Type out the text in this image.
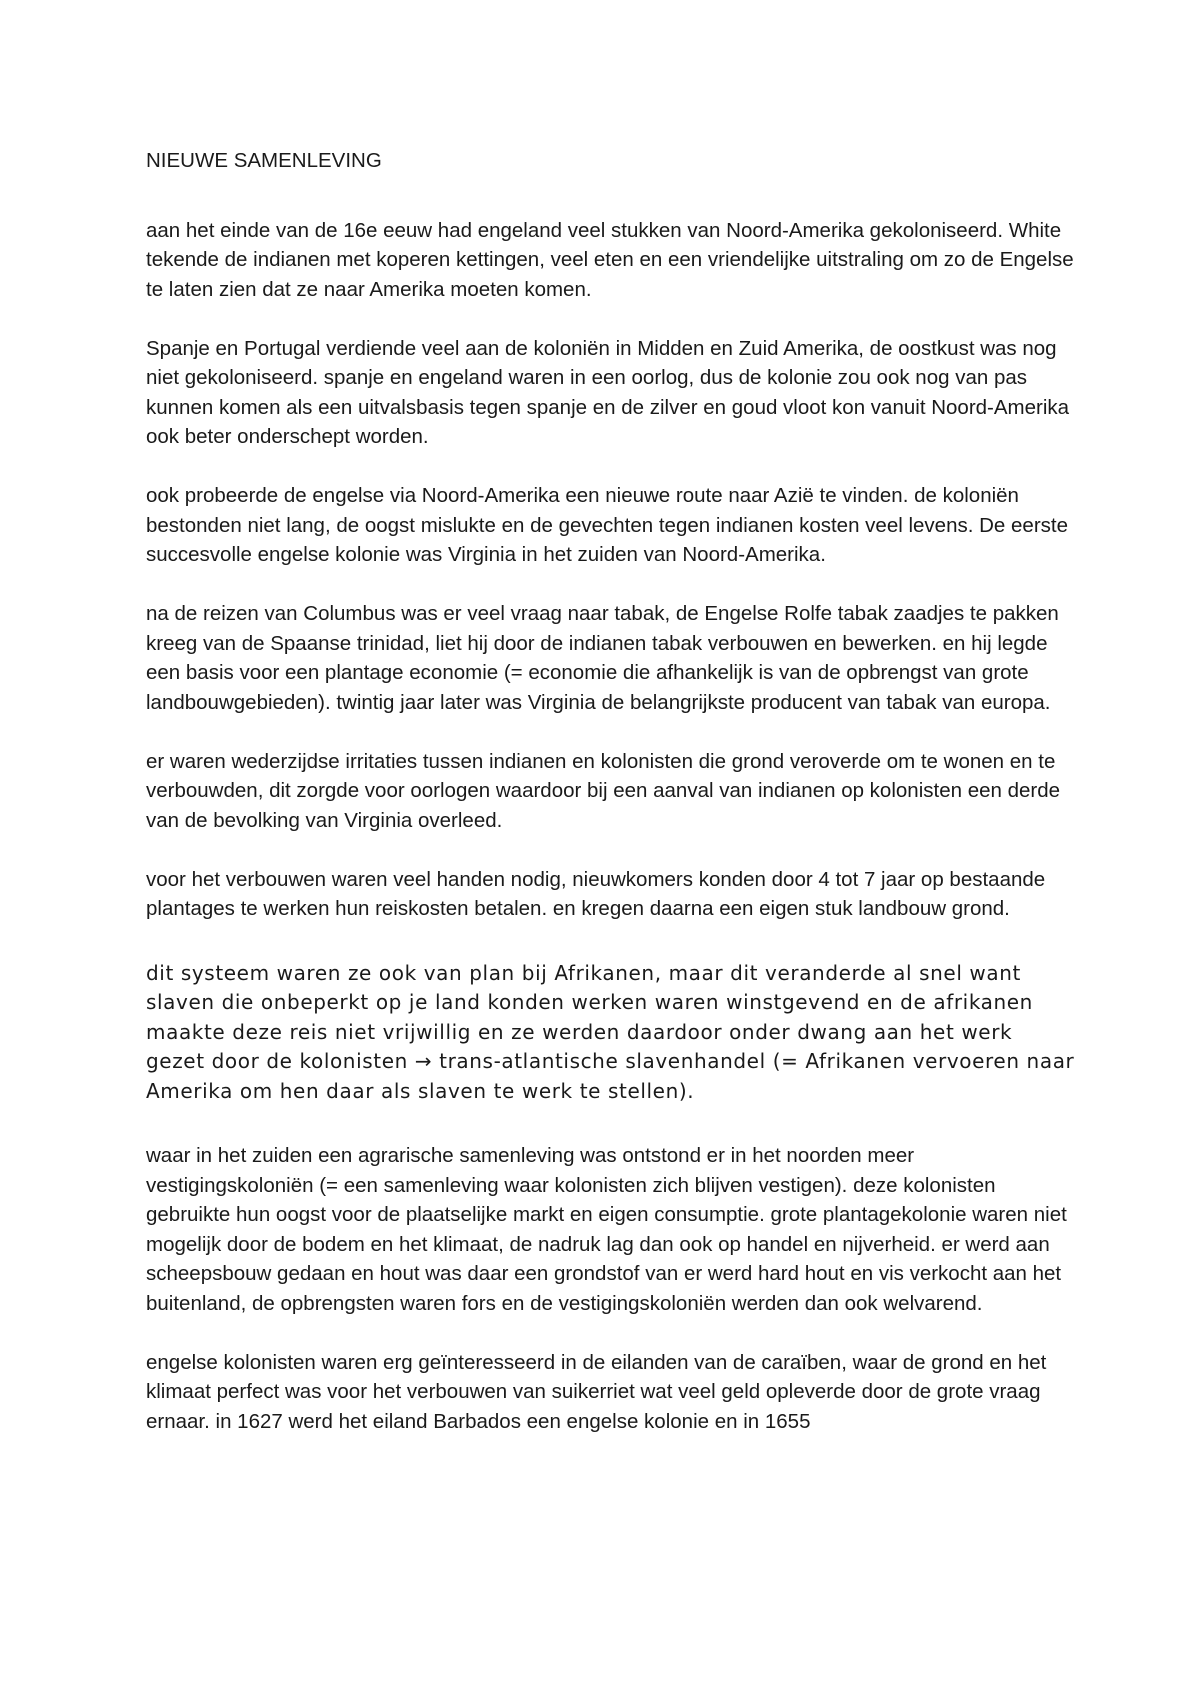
NIEUWE SAMENLEVING

aan het einde van de 16e eeuw had engeland veel stukken van Noord-Amerika gekoloniseerd. White tekende de indianen met koperen kettingen, veel eten en een vriendelijke uitstraling om zo de Engelse te laten zien dat ze naar Amerika moeten komen.

Spanje en Portugal verdiende veel aan de koloniën in Midden en Zuid Amerika, de oostkust was nog niet gekoloniseerd. spanje en engeland waren in een oorlog, dus de kolonie zou ook nog van pas kunnen komen als een uitvalsbasis tegen spanje en de zilver en goud vloot kon vanuit Noord-Amerika ook beter onderschept worden.

ook probeerde de engelse via Noord-Amerika een nieuwe route naar Azië te vinden. de koloniën bestonden niet lang, de oogst mislukte en de gevechten tegen indianen kosten veel levens. De eerste succesvolle engelse kolonie was Virginia in het zuiden van Noord-Amerika.

na de reizen van Columbus was er veel vraag naar tabak, de Engelse Rolfe tabak zaadjes te pakken kreeg van de Spaanse trinidad, liet hij door de indianen tabak verbouwen en bewerken. en hij legde een basis voor een plantage economie (= economie die afhankelijk is van de opbrengst van grote landbouwgebieden). twintig jaar later was Virginia de belangrijkste producent van tabak van europa.

er waren wederzijdse irritaties tussen indianen en kolonisten die grond veroverde om te wonen en te verbouwden, dit zorgde voor oorlogen waardoor bij een aanval van indianen op kolonisten een derde van de bevolking van Virginia overleed.

voor het verbouwen waren veel handen nodig, nieuwkomers konden door 4 tot 7 jaar op bestaande plantages te werken hun reiskosten betalen. en kregen daarna een eigen stuk landbouw grond.

dit systeem waren ze ook van plan bij Afrikanen, maar dit veranderde al snel want slaven die onbeperkt op je land konden werken waren winstgevend en de afrikanen maakte deze reis niet vrijwillig en ze werden daardoor onder dwang aan het werk gezet door de kolonisten → trans-atlantische slavenhandel (= Afrikanen vervoeren naar Amerika om hen daar als slaven te werk te stellen).

waar in het zuiden een agrarische samenleving was ontstond er in het noorden meer vestigingskoloniën (= een samenleving waar kolonisten zich blijven vestigen). deze kolonisten gebruikte hun oogst voor de plaatselijke markt en eigen consumptie. grote plantagekolonie waren niet mogelijk door de bodem en het klimaat, de nadruk lag dan ook op handel en nijverheid. er werd aan scheepsbouw gedaan en hout was daar een grondstof van er werd hard hout en vis verkocht aan het buitenland, de opbrengsten waren fors en de vestigingskoloniën werden dan ook welvarend.

engelse kolonisten waren erg geïnteresseerd in de eilanden van de caraïben, waar de grond en het klimaat perfect was voor het verbouwen van suikerriet wat veel geld opleverde door de grote vraag ernaar. in 1627 werd het eiland Barbados een engelse kolonie en in 1655
